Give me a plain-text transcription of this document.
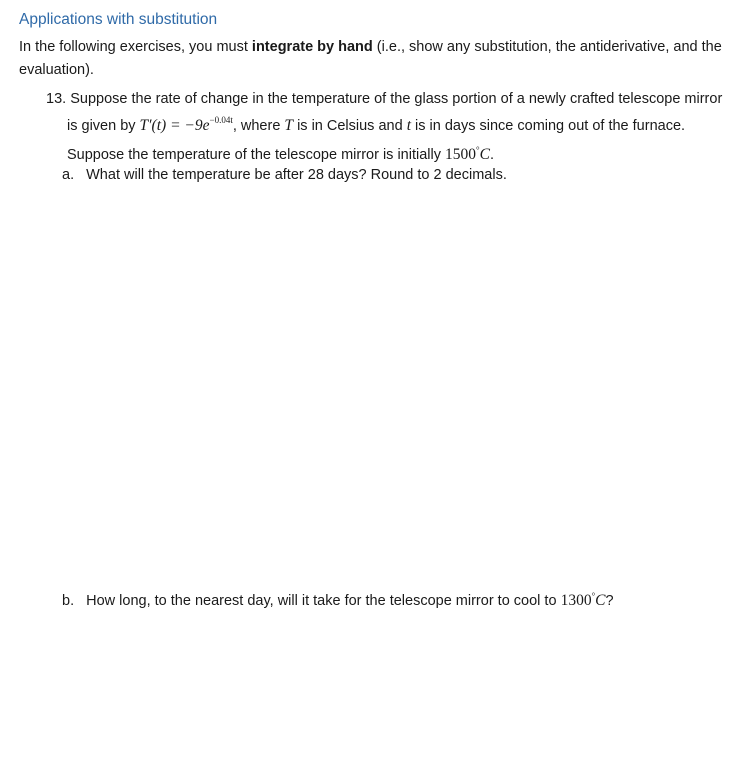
Applications with substitution
In the following exercises, you must integrate by hand (i.e., show any substitution, the antiderivative, and the evaluation).
13. Suppose the rate of change in the temperature of the glass portion of a newly crafted telescope mirror
is given by $T'(t) = -9e^{-0.04t}$, where T is in Celsius and t is in days since coming out of the furnace.
Suppose the temperature of the telescope mirror is initially 1500°C.
a. What will the temperature be after 28 days? Round to 2 decimals.
b. How long, to the nearest day, will it take for the telescope mirror to cool to 1300°C?
